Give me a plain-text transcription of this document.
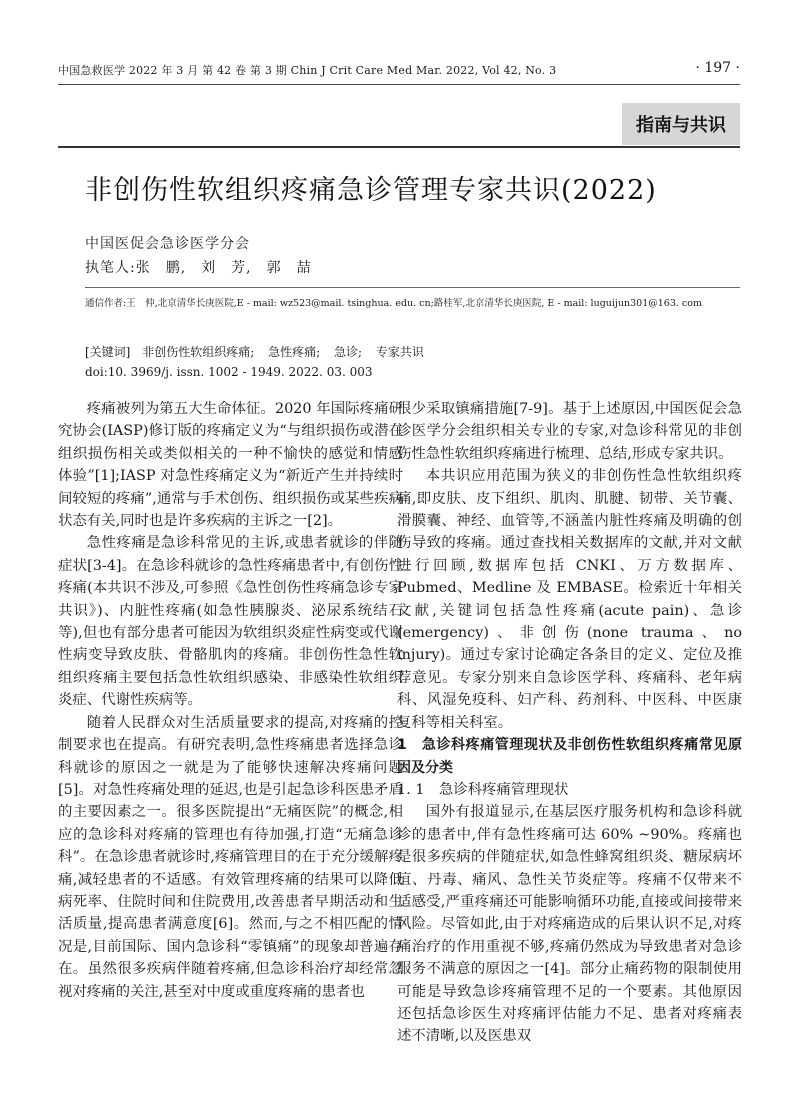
中国急救医学 2022 年 3 月 第 42 卷 第 3 期 Chin J Crit Care Med Mar. 2022, Vol 42, No. 3	· 197 ·
指南与共识
非创伤性软组织疼痛急诊管理专家共识(2022)
中国医促会急诊医学分会
执笔人:张　鹏,　刘　芳,　郭　喆
通信作者:王　仲,北京清华长庚医院,E - mail: wz523@mail. tsinghua. edu. cn;路桂军,北京清华长庚医院, E - mail: luguijun301@163. com
[关键词] 非创伤性软组织疼痛; 急性疼痛; 急诊; 专家共识
doi:10. 3969/j. issn. 1002 - 1949. 2022. 03. 003

疼痛被列为第五大生命体征。2020 年国际疼痛研究协会(IASP)修订版的疼痛定义为“与组织损伤或潜在组织损伤相关或类似相关的一种不愉快的感觉和情感体验”[1];IASP 对急性疼痛定义为“新近产生并持续时间较短的疼痛”,通常与手术创伤、组织损伤或某些疾病状态有关,同时也是许多疾病的主诉之一[2]。

急性疼痛是急诊科常见的主诉,或患者就诊的伴随症状[3-4]。在急诊科就诊的急性疼痛患者中,有创伤性疼痛(本共识不涉及,可参照《急性创伤性疼痛急诊专家共识》)、内脏性疼痛(如急性胰腺炎、泌尿系统结石等),但也有部分患者可能因为软组织炎症性病变或代谢性病变导致皮肤、骨骼肌肉的疼痛。非创伤性急性软组织疼痛主要包括急性软组织感染、非感染性软组织炎症、代谢性疾病等。

随着人民群众对生活质量要求的提高,对疼痛的控制要求也在提高。有研究表明,急性疼痛患者选择急诊科就诊的原因之一就是为了能够快速解决疼痛问题[5]。对急性疼痛处理的延迟,也是引起急诊科医患矛盾的主要因素之一。很多医院提出“无痛医院”的概念,相应的急诊科对疼痛的管理也有待加强,打造“无痛急诊科”。在急诊患者就诊时,疼痛管理目的在于充分缓解疼痛,减轻患者的不适感。有效管理疼痛的结果可以降低病死率、住院时间和住院费用,改善患者早期活动和生活质量,提高患者满意度[6]。然而,与之不相匹配的情况是,目前国际、国内急诊科“零镇痛”的现象却普遍存在。虽然很多疾病伴随着疼痛,但急诊科治疗却经常忽视对疼痛的关注,甚至对中度或重度疼痛的患者也

很少采取镇痛措施[7-9]。基于上述原因,中国医促会急诊医学分会组织相关专业的专家,对急诊科常见的非创伤性急性软组织疼痛进行梳理、总结,形成专家共识。

本共识应用范围为狭义的非创伤性急性软组织疼痛,即皮肤、皮下组织、肌肉、肌腱、韧带、关节囊、滑膜囊、神经、血管等,不涵盖内脏性疼痛及明确的创伤导致的疼痛。通过查找相关数据库的文献,并对文献进行回顾,数据库包括 CNKI、万方数据库、Pubmed、Medline 及 EMBASE。检索近十年相关文献,关键词包括急性疼痛(acute pain)、急诊(emergency)、非创伤(none trauma、no injury)。通过专家讨论确定各条目的定义、定位及推荐意见。专家分别来自急诊医学科、疼痛科、老年病科、风湿免疫科、妇产科、药剂科、中医科、中医康复科等相关科室。

1　急诊科疼痛管理现状及非创伤性软组织疼痛常见原因及分类
1. 1　急诊科疼痛管理现状

国外有报道显示,在基层医疗服务机构和急诊科就诊的患者中,伴有急性疼痛可达 60% ~90%。疼痛也是很多疾病的伴随症状,如急性蜂窝组织炎、糖尿病坏疽、丹毒、痛风、急性关节炎症等。疼痛不仅带来不适感受,严重疼痛还可能影响循环功能,直接或间接带来风险。尽管如此,由于对疼痛造成的后果认识不足,对疼痛治疗的作用重视不够,疼痛仍然成为导致患者对急诊服务不满意的原因之一[4]。部分止痛药物的限制使用可能是导致急诊疼痛管理不足的一个要素。其他原因还包括急诊医生对疼痛评估能力不足、患者对疼痛表述不清晰,以及医患双
